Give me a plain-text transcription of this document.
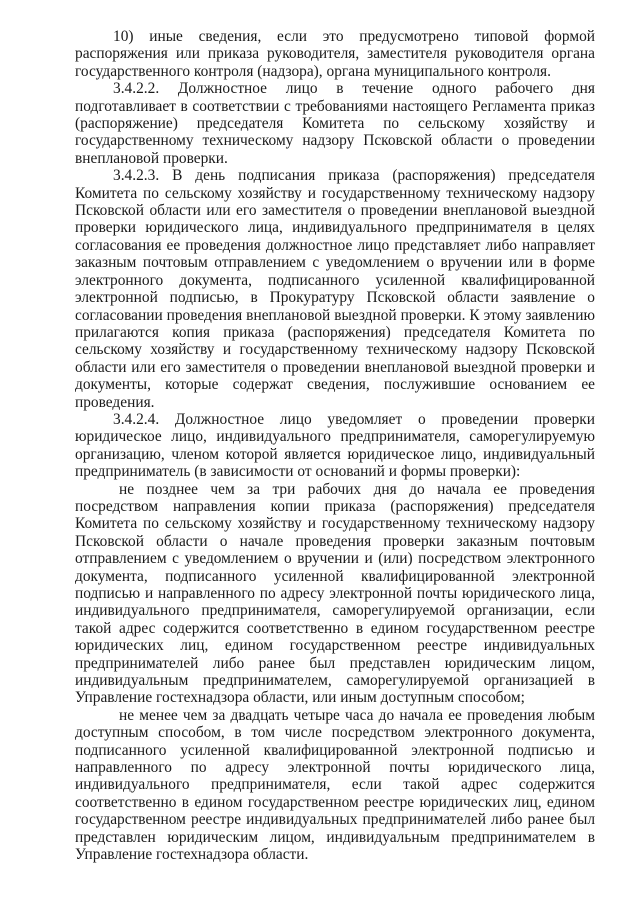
10) иные сведения, если это предусмотрено типовой формой распоряжения или приказа руководителя, заместителя руководителя органа государственного контроля (надзора), органа муниципального контроля.

3.4.2.2. Должностное лицо в течение одного рабочего дня подготавливает в соответствии с требованиями настоящего Регламента приказ (распоряжение) председателя Комитета по сельскому хозяйству и государственному техническому надзору Псковской области о проведении внеплановой проверки.

3.4.2.3. В день подписания приказа (распоряжения) председателя Комитета по сельскому хозяйству и государственному техническому надзору Псковской области или его заместителя о проведении внеплановой выездной проверки юридического лица, индивидуального предпринимателя в целях согласования ее проведения должностное лицо представляет либо направляет заказным почтовым отправлением с уведомлением о вручении или в форме электронного документа, подписанного усиленной квалифицированной электронной подписью, в Прокуратуру Псковской области заявление о согласовании проведения внеплановой выездной проверки. К этому заявлению прилагаются копия приказа (распоряжения) председателя Комитета по сельскому хозяйству и государственному техническому надзору Псковской области или его заместителя о проведении внеплановой выездной проверки и документы, которые содержат сведения, послужившие основанием ее проведения.

3.4.2.4. Должностное лицо уведомляет о проведении проверки юридическое лицо, индивидуального предпринимателя, саморегулируемую организацию, членом которой является юридическое лицо, индивидуальный предприниматель (в зависимости от оснований и формы проверки):

не позднее чем за три рабочих дня до начала ее проведения посредством направления копии приказа (распоряжения) председателя Комитета по сельскому хозяйству и государственному техническому надзору Псковской области о начале проведения проверки заказным почтовым отправлением с уведомлением о вручении и (или) посредством электронного документа, подписанного усиленной квалифицированной электронной подписью и направленного по адресу электронной почты юридического лица, индивидуального предпринимателя, саморегулируемой организации, если такой адрес содержится соответственно в едином государственном реестре юридических лиц, едином государственном реестре индивидуальных предпринимателей либо ранее был представлен юридическим лицом, индивидуальным предпринимателем, саморегулируемой организацией в Управление гостехнадзора области, или иным доступным способом;

не менее чем за двадцать четыре часа до начала ее проведения любым доступным способом, в том числе посредством электронного документа, подписанного усиленной квалифицированной электронной подписью и направленного по адресу электронной почты юридического лица, индивидуального предпринимателя, если такой адрес содержится соответственно в едином государственном реестре юридических лиц, едином государственном реестре индивидуальных предпринимателей либо ранее был представлен юридическим лицом, индивидуальным предпринимателем в Управление гостехнадзора области.
